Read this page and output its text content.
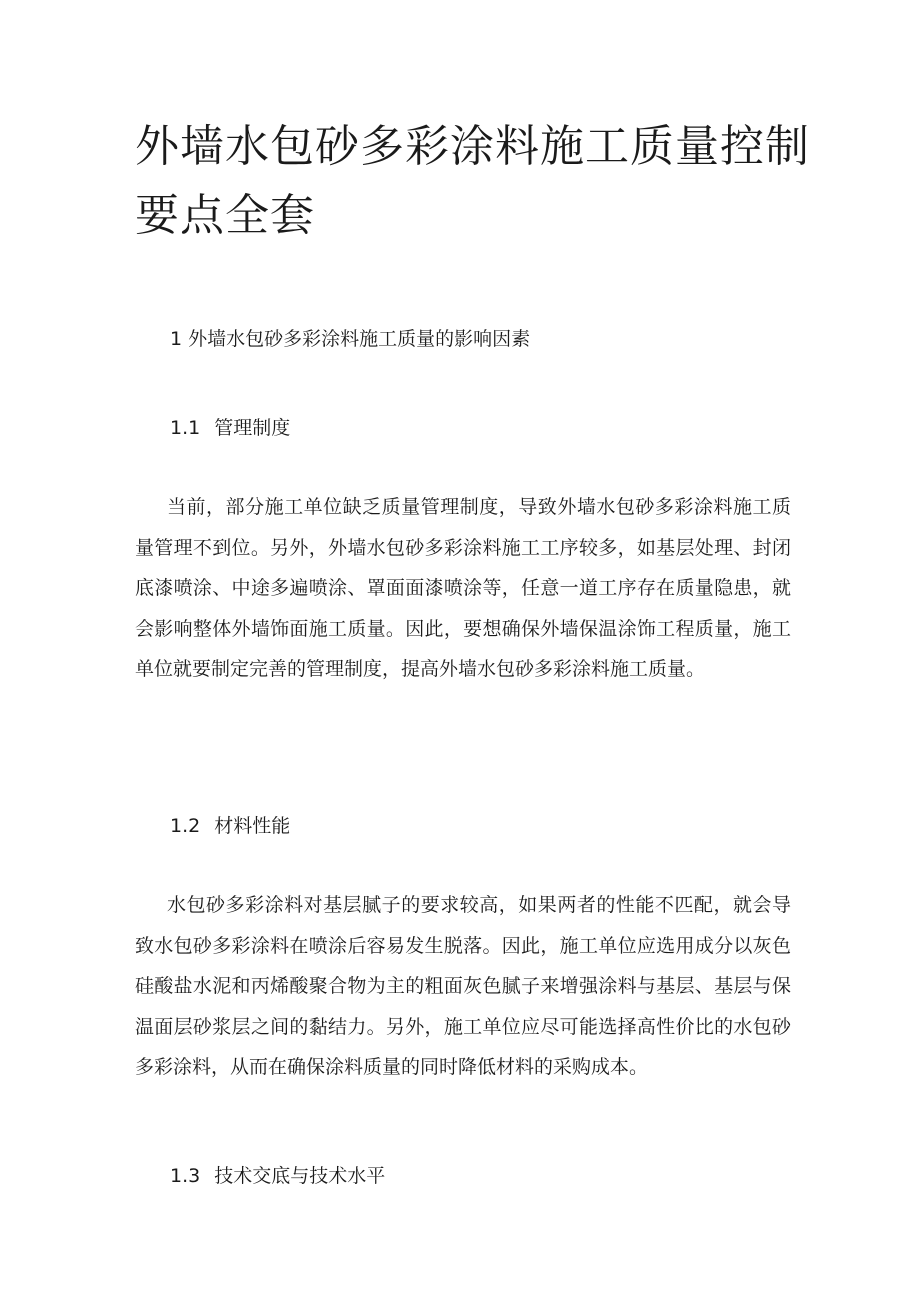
外墙水包砂多彩涂料施工质量控制要点全套
1 外墙水包砂多彩涂料施工质量的影响因素
1.1 管理制度

当前，部分施工单位缺乏质量管理制度，导致外墙水包砂多彩涂料施工质量管理不到位。另外，外墙水包砂多彩涂料施工工序较多，如基层处理、封闭底漆喷涂、中途多遍喷涂、罩面面漆喷涂等，任意一道工序存在质量隐患，就会影响整体外墙饰面施工质量。因此，要想确保外墙保温涂饰工程质量，施工单位就要制定完善的管理制度，提高外墙水包砂多彩涂料施工质量。

1.2 材料性能

水包砂多彩涂料对基层腻子的要求较高，如果两者的性能不匹配，就会导致水包砂多彩涂料在喷涂后容易发生脱落。因此，施工单位应选用成分以灰色硅酸盐水泥和丙烯酸聚合物为主的粗面灰色腻子来增强涂料与基层、基层与保温面层砂浆层之间的黏结力。另外，施工单位应尽可能选择高性价比的水包砂多彩涂料，从而在确保涂料质量的同时降低材料的采购成本。

1.3 技术交底与技术水平
